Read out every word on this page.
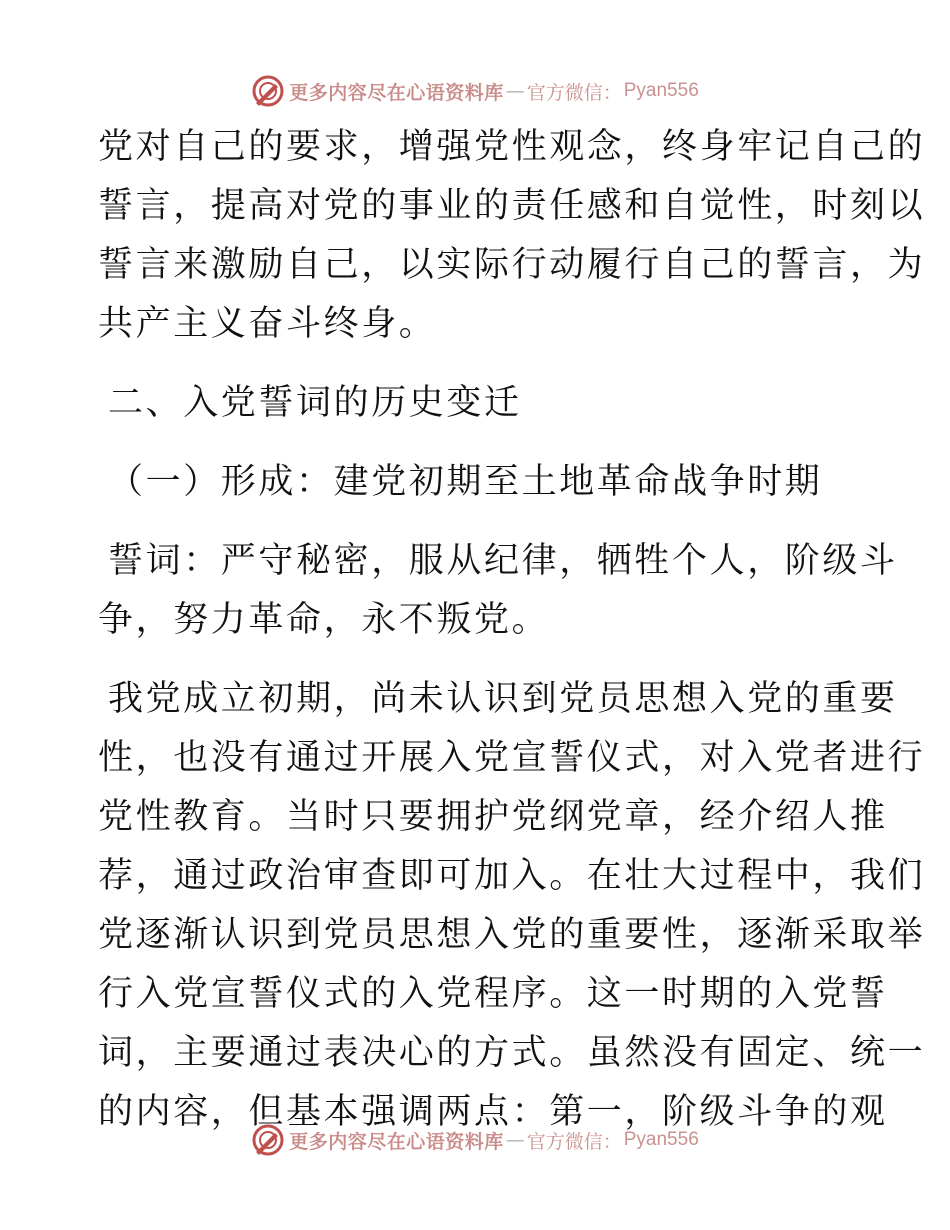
更多内容尽在心语资料库 — 官方微信： Pyan556
党对自己的要求，增强党性观念，终身牢记自己的
誓言，提高对党的事业的责任感和自觉性，时刻以
誓言来激励自己，以实际行动履行自己的誓言，为
共产主义奋斗终身。
二、入党誓词的历史变迁
（一）形成：建党初期至土地革命战争时期
誓词：严守秘密，服从纪律，牺牲个人，阶级斗
争，努力革命，永不叛党。
我党成立初期，尚未认识到党员思想入党的重要
性，也没有通过开展入党宣誓仪式，对入党者进行
党性教育。当时只要拥护党纲党章，经介绍人推
荐，通过政治审查即可加入。在壮大过程中，我们
党逐渐认识到党员思想入党的重要性，逐渐采取举
行入党宣誓仪式的入党程序。这一时期的入党誓
词，主要通过表决心的方式。虽然没有固定、统一
的内容，但基本强调两点：第一，阶级斗争的观
更多内容尽在心语资料库 — 官方微信： Pyan556
